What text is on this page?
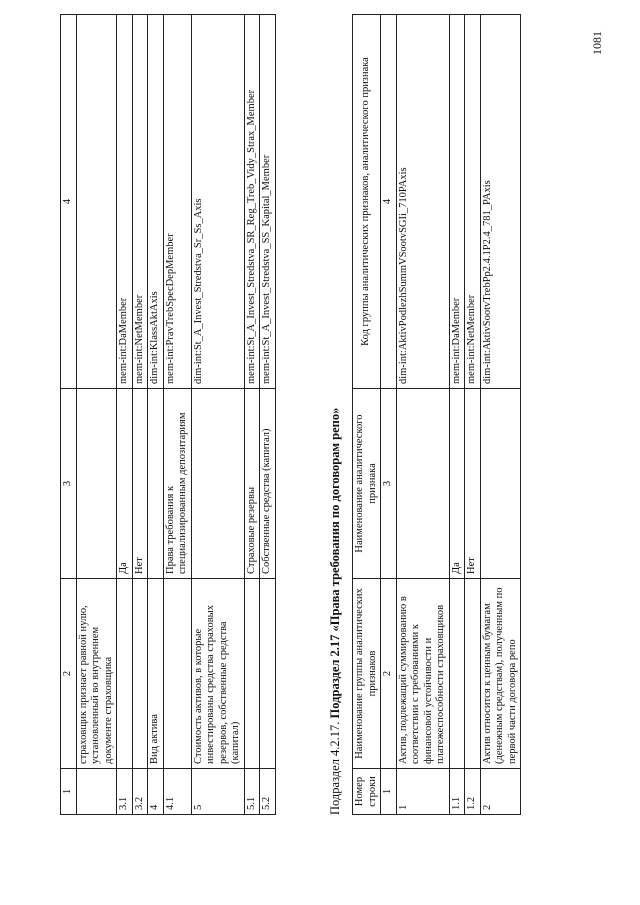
1	2	3	4
	страховщик признает равной нулю, установленный во внутреннем документе страховщика		
3.1		Да	mem-int:DaMember
3.2		Нет	mem-int:NetMember
4	Вид актива		dim-int:KlassAktAxis
4.1		Права требования к специализированным депозитариям	mem-int:PravTrebSpecDepMember
5	Стоимость активов, в которые инвестированы средства страховых резервов, собственные средства (капитал)		dim-int:St_A_Invest_Stredstva_Sr_Ss_Axis
5.1		Страховые резервы	mem-int:St_A_Invest_Stredstva_SR_Reg_Treb_Vidy_Strax_Member
5.2		Собственные средства (капитал)	mem-int:St_A_Invest_Stredstva_SS_Kapital_Member
Подраздел 4.2.17. Подраздел 2.17 «Права требования по договорам репо»
Номер строки	Наименование группы аналитических признаков	Наименование аналитического признака	Код группы аналитических признаков, аналитического признака
1	2	3	4
1	Актив, подлежащий суммированию в соответствии с требованиями к финансовой устойчивости и платежеспособности страховщиков		dim-int:AktivPodlezhSummVSootvSGIi_710PAxis
1.1		Да	mem-int:DaMember
1.2		Нет	mem-int:NetMember
2	Актив относится к ценным бумагам (денежным средствам), полученным по первой части договора репо		dim-int:AktivSootvTrebPp2.4.1P2.4_781_PAxis
1081
